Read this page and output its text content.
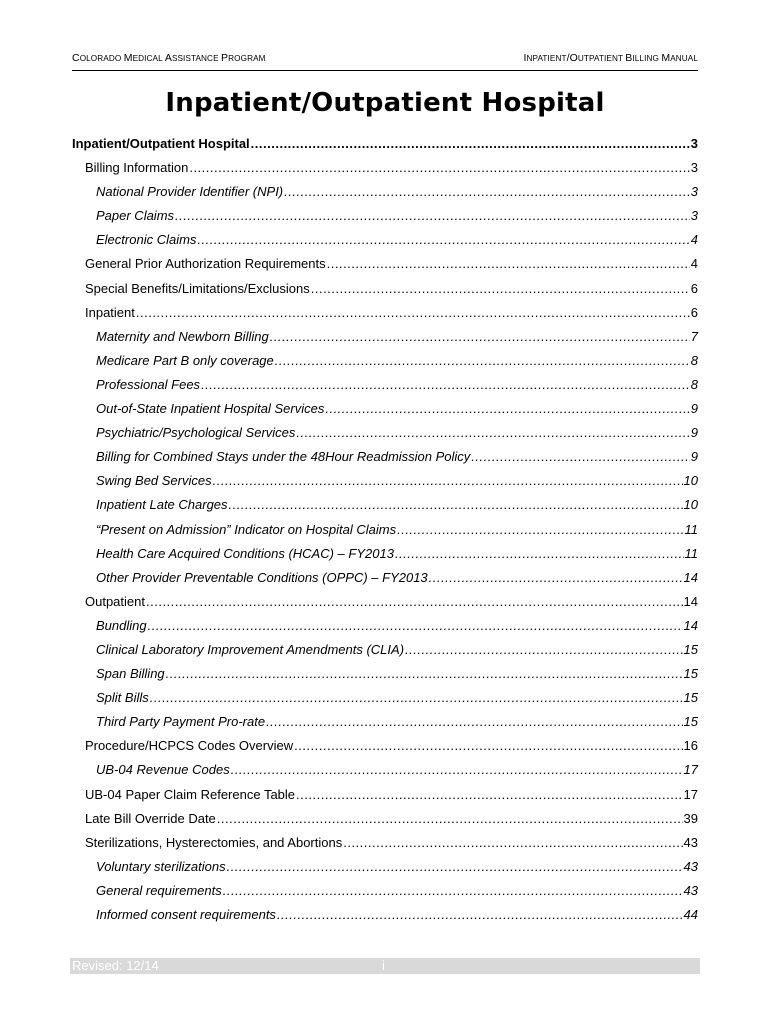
COLORADO MEDICAL ASSISTANCE PROGRAM	INPATIENT/OUTPATIENT BILLING MANUAL
Inpatient/Outpatient Hospital
Inpatient/Outpatient Hospital .....	3
Billing Information .....	3
National Provider Identifier (NPI) .....	3
Paper Claims .....	3
Electronic Claims .....	4
General Prior Authorization Requirements .....	4
Special Benefits/Limitations/Exclusions .....	6
Inpatient .....	6
Maternity and Newborn Billing .....	7
Medicare Part B only coverage .....	8
Professional Fees .....	8
Out-of-State Inpatient Hospital Services .....	9
Psychiatric/Psychological Services .....	9
Billing for Combined Stays under the 48Hour Readmission Policy .....	9
Swing Bed Services .....	10
Inpatient Late Charges .....	10
“Present on Admission” Indicator on Hospital Claims .....	11
Health Care Acquired Conditions (HCAC) – FY2013 .....	11
Other Provider Preventable Conditions (OPPC) – FY2013 .....	14
Outpatient .....	14
Bundling .....	14
Clinical Laboratory Improvement Amendments (CLIA) .....	15
Span Billing .....	15
Split Bills .....	15
Third Party Payment Pro-rate .....	15
Procedure/HCPCS Codes Overview .....	16
UB-04 Revenue Codes .....	17
UB-04 Paper Claim Reference Table .....	17
Late Bill Override Date .....	39
Sterilizations, Hysterectomies, and Abortions .....	43
Voluntary sterilizations .....	43
General requirements .....	43
Informed consent requirements .....	44
Revised: 12/14	i
